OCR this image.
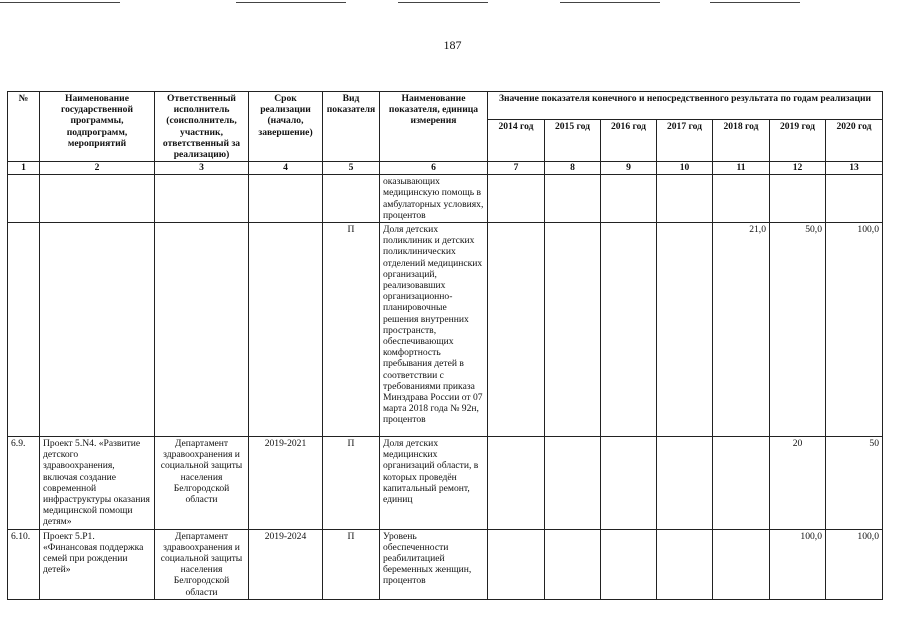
187
№	Наименование государственной программы, подпрограмм, мероприятий	Ответственный исполнитель (соисполнитель, участник, ответственный за реализацию)	Срок реализации (начало, завершение)	Вид показателя	Наименование показателя, единица измерения	Значение показателя конечного и непосредственного результата по годам реализации						
						2014 год	2015 год	2016 год	2017 год	2018 год	2019 год	2020 год
1	2	3	4	5	6	7	8	9	10	11	12	13
					оказывающих медицинскую помощь в амбулаторных условиях, процентов							
				П	Доля детских поликлиник и детских поликлинических отделений медицинских организаций, реализовавших организационно-планировочные решения внутренних пространств, обеспечивающих комфортность пребывания детей в соответствии с требованиями приказа Минздрава России от 07 марта 2018 года № 92н, процентов					21,0	50,0	100,0
6.9.	Проект 5.N4. «Развитие детского здравоохранения, включая создание современной инфраструктуры оказания медицинской помощи детям»	Департамент здравоохранения и социальной защиты населения Белгородской области	2019-2021	П	Доля детских медицинских организаций области, в которых проведён капитальный ремонт, единиц						20	50
6.10.	Проект 5.Р1. «Финансовая поддержка семей при рождении детей»	Департамент здравоохранения и социальной защиты населения Белгородской области	2019-2024	П	Уровень обеспеченности реабилитацией беременных женщин, процентов						100,0	100,0
